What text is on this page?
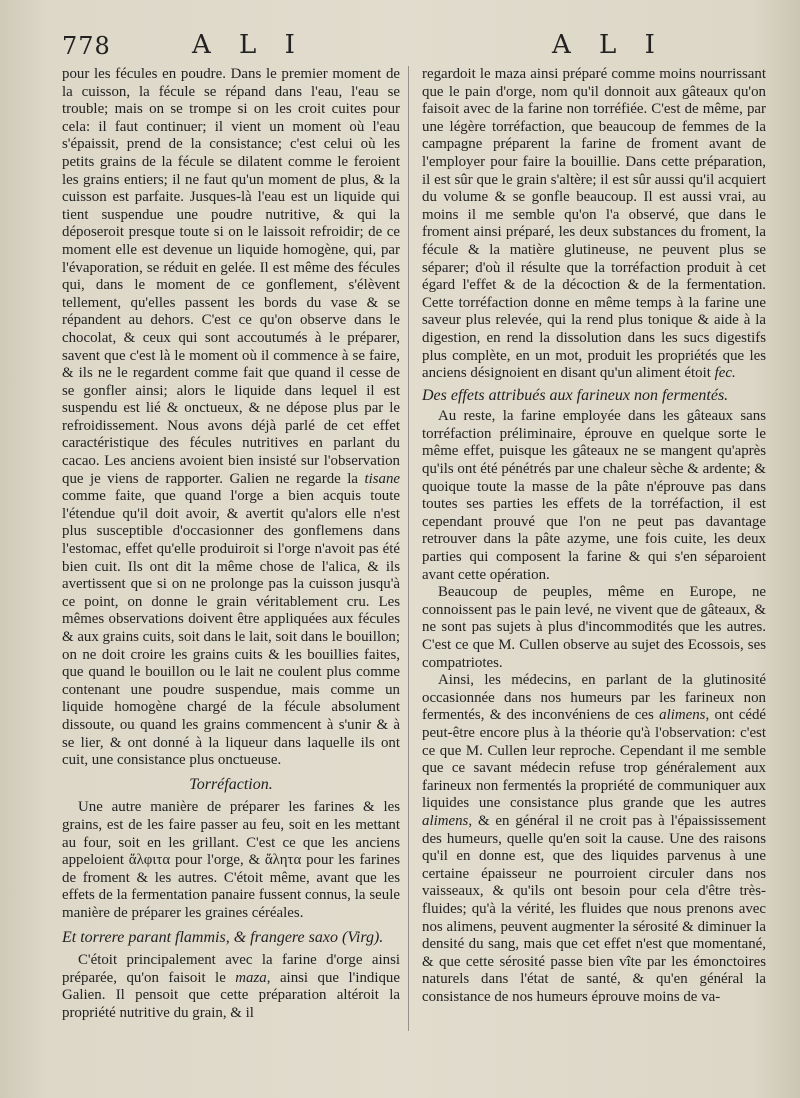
778	A L I	A L I

pour les fécules en poudre. Dans le premier moment de la cuisson, la fécule se répand dans l'eau, l'eau se trouble; mais on se trompe si on les croit cuites pour cela: il faut continuer; il vient un moment où l'eau s'épaissit, prend de la consistance; c'est celui où les petits grains de la fécule se dilatent comme le feroient les grains entiers; il ne faut qu'un moment de plus, & la cuisson est parfaite. Jusques-là l'eau est un liquide qui tient suspendue une poudre nutritive, & qui la déposeroit presque toute si on le laissoit refroidir; de ce moment elle est devenue un liquide homogène, qui, par l'évaporation, se réduit en gelée. Il est même des fécules qui, dans le moment de ce gonflement, s'élèvent tellement, qu'elles passent les bords du vase & se répandent au dehors. C'est ce qu'on observe dans le chocolat, & ceux qui sont accoutumés à le préparer, savent que c'est là le moment où il commence à se faire, & ils ne le regardent comme fait que quand il cesse de se gonfler ainsi; alors le liquide dans lequel il est suspendu est lié & onctueux, & ne dépose plus par le refroidissement. Nous avons déjà parlé de cet effet caractéristique des fécules nutritives en parlant du cacao. Les anciens avoient bien insisté sur l'observation que je viens de rapporter. Galien ne regarde la tisane comme faite, que quand l'orge a bien acquis toute l'étendue qu'il doit avoir, & avertit qu'alors elle n'est plus susceptible d'occasionner des gonflemens dans l'estomac, effet qu'elle produiroit si l'orge n'avoit pas été bien cuit. Ils ont dit la même chose de l'alica, & ils avertissent que si on ne prolonge pas la cuisson jusqu'à ce point, on donne le grain véritablement cru. Les mêmes observations doivent être appliquées aux fécules & aux grains cuits, soit dans le lait, soit dans le bouillon; on ne doit croire les grains cuits & les bouillies faites, que quand le bouillon ou le lait ne coulent plus comme contenant une poudre suspendue, mais comme un liquide homogène chargé de la fécule absolument dissoute, ou quand les grains commencent à s'unir & à se lier, & ont donné à la liqueur dans laquelle ils ont cuit, une consistance plus onctueuse.

Torréfaction.

Une autre manière de préparer les farines & les grains, est de les faire passer au feu, soit en les mettant au four, soit en les grillant. C'est ce que les anciens appeloient ἄλφιτα pour l'orge, & ἄλητα pour les farines de froment & les autres. C'étoit même, avant que les effets de la fermentation panaire fussent connus, la seule manière de préparer les graines céréales.

Et torrere parant flammis, & frangere saxo (Virg).

C'étoit principalement avec la farine d'orge ainsi préparée, qu'on faisoit le maza, ainsi que l'indique Galien. Il pensoit que cette préparation altéroit la propriété nutritive du grain, & il

regardoit le maza ainsi préparé comme moins nourrissant que le pain d'orge, nom qu'il donnoit aux gâteaux qu'on faisoit avec de la farine non torréfiée. C'est de même, par une légère torréfaction, que beaucoup de femmes de la campagne préparent la farine de froment avant de l'employer pour faire la bouillie. Dans cette préparation, il est sûr que le grain s'altère; il est sûr aussi qu'il acquiert du volume & se gonfle beaucoup. Il est aussi vrai, au moins il me semble qu'on l'a observé, que dans le froment ainsi préparé, les deux substances du froment, la fécule & la matière glutineuse, ne peuvent plus se séparer; d'où il résulte que la torréfaction produit à cet égard l'effet & de la décoction & de la fermentation. Cette torréfaction donne en même temps à la farine une saveur plus relevée, qui la rend plus tonique & aide à la digestion, en rend la dissolution dans les sucs digestifs plus complète, en un mot, produit les propriétés que les anciens désignoient en disant qu'un aliment étoit fec.

Des effets attribués aux farineux non fermentés.

Au reste, la farine employée dans les gâteaux sans torréfaction préliminaire, éprouve en quelque sorte le même effet, puisque les gâteaux ne se mangent qu'après qu'ils ont été pénétrés par une chaleur sèche & ardente; & quoique toute la masse de la pâte n'éprouve pas dans toutes ses parties les effets de la torréfaction, il est cependant prouvé que l'on ne peut pas davantage retrouver dans la pâte azyme, une fois cuite, les deux parties qui composent la farine & qui s'en séparoient avant cette opération.

Beaucoup de peuples, même en Europe, ne connoissent pas le pain levé, ne vivent que de gâteaux, & ne sont pas sujets à plus d'incommodités que les autres. C'est ce que M. Cullen observe au sujet des Ecossois, ses compatriotes.

Ainsi, les médecins, en parlant de la glutinosité occasionnée dans nos humeurs par les farineux non fermentés, & des inconvéniens de ces alimens, ont cédé peut-être encore plus à la théorie qu'à l'observation: c'est ce que M. Cullen leur reproche. Cependant il me semble que ce savant médecin refuse trop généralement aux farineux non fermentés la propriété de communiquer aux liquides une consistance plus grande que les autres alimens, & en général il ne croit pas à l'épaississement des humeurs, quelle qu'en soit la cause. Une des raisons qu'il en donne est, que des liquides parvenus à une certaine épaisseur ne pourroient circuler dans nos vaisseaux, & qu'ils ont besoin pour cela d'être très-fluides; qu'à la vérité, les fluides que nous prenons avec nos alimens, peuvent augmenter la sérosité & diminuer la densité du sang, mais que cet effet n'est que momentané, & que cette sérosité passe bien vîte par les émonctoires naturels dans l'état de santé, & qu'en général la consistance de nos humeurs éprouve moins de va-
